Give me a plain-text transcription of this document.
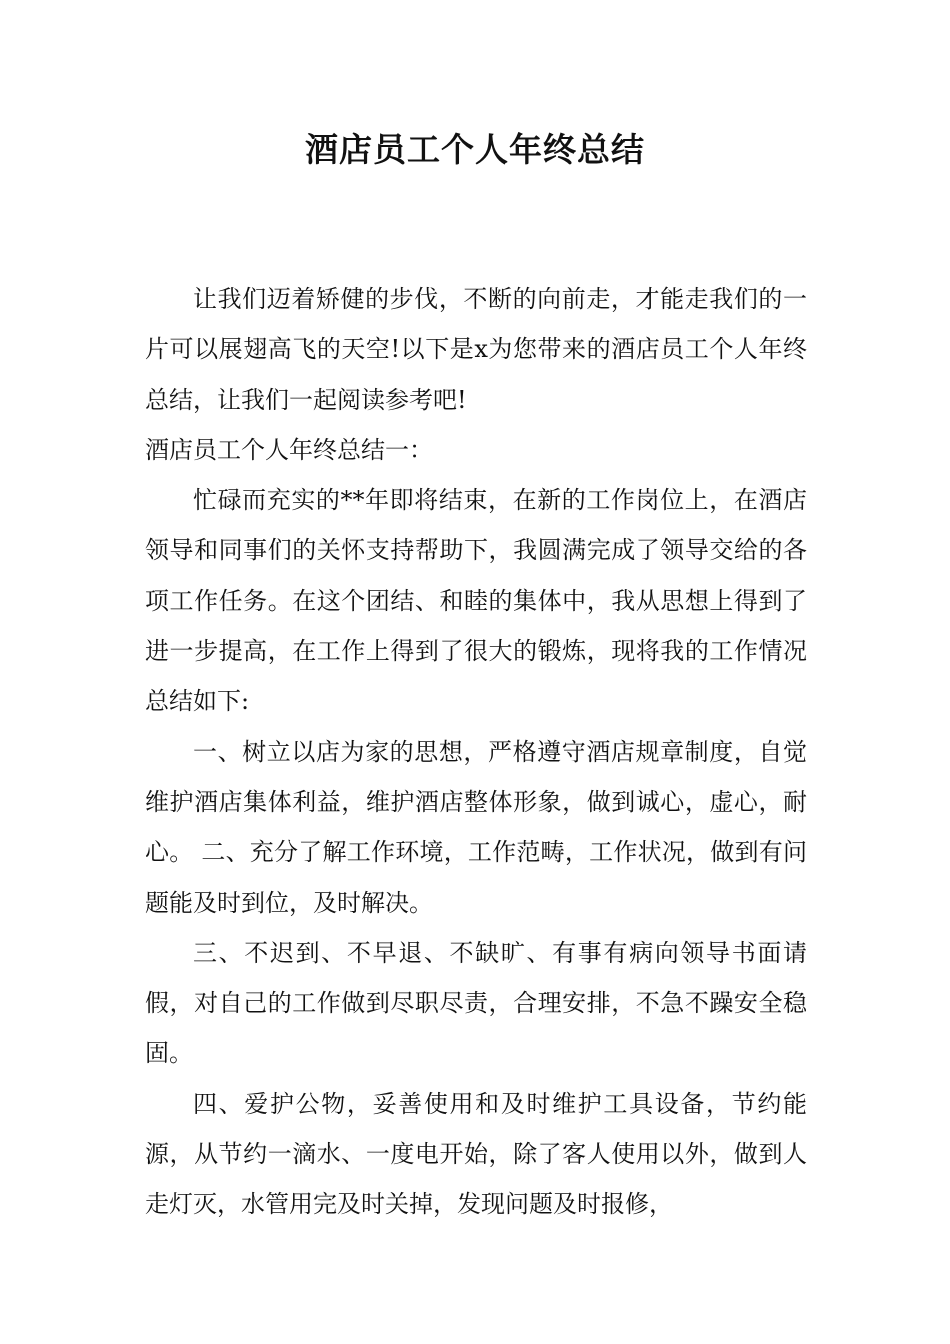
酒店员工个人年终总结

让我们迈着矫健的步伐，不断的向前走，才能走我们的一片可以展翅高飞的天空!以下是x为您带来的酒店员工个人年终总结，让我们一起阅读参考吧!

酒店员工个人年终总结一：

忙碌而充实的**年即将结束，在新的工作岗位上，在酒店领导和同事们的关怀支持帮助下，我圆满完成了领导交给的各项工作任务。在这个团结、和睦的集体中，我从思想上得到了进一步提高，在工作上得到了很大的锻炼，现将我的工作情况总结如下:

一、树立以店为家的思想，严格遵守酒店规章制度，自觉维护酒店集体利益，维护酒店整体形象，做到诚心，虚心，耐心。 二、充分了解工作环境，工作范畴，工作状况，做到有问题能及时到位，及时解决。

三、不迟到、不早退、不缺旷、有事有病向领导书面请假，对自己的工作做到尽职尽责，合理安排，不急不躁安全稳固。

四、爱护公物，妥善使用和及时维护工具设备，节约能源，从节约一滴水、一度电开始，除了客人使用以外，做到人走灯灭，水管用完及时关掉，发现问题及时报修，
